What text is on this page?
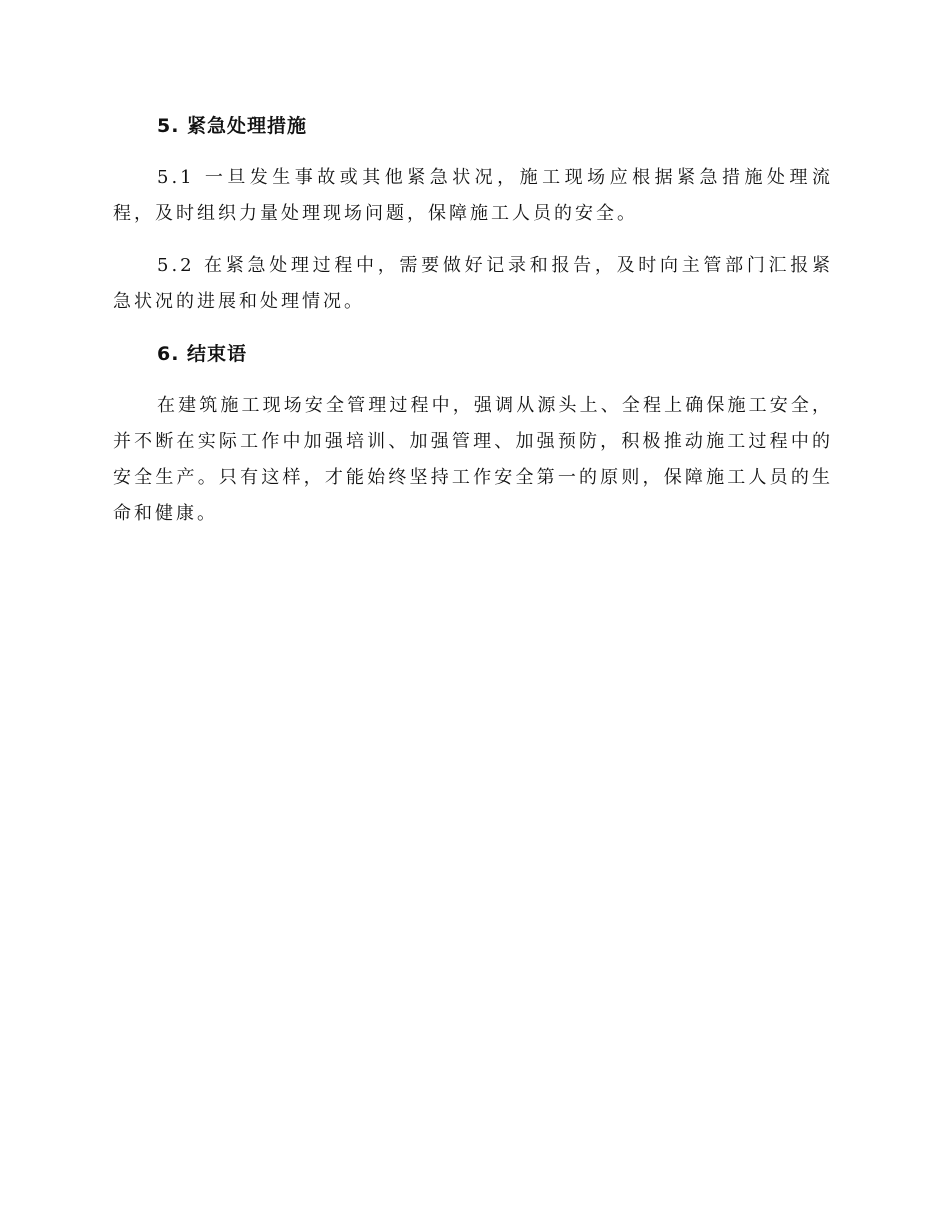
5. 紧急处理措施

5.1 一旦发生事故或其他紧急状况，施工现场应根据紧急措施处理流程，及时组织力量处理现场问题，保障施工人员的安全。

5.2 在紧急处理过程中，需要做好记录和报告，及时向主管部门汇报紧急状况的进展和处理情况。

6. 结束语

在建筑施工现场安全管理过程中，强调从源头上、全程上确保施工安全，并不断在实际工作中加强培训、加强管理、加强预防，积极推动施工过程中的安全生产。只有这样，才能始终坚持工作安全第一的原则，保障施工人员的生命和健康。
